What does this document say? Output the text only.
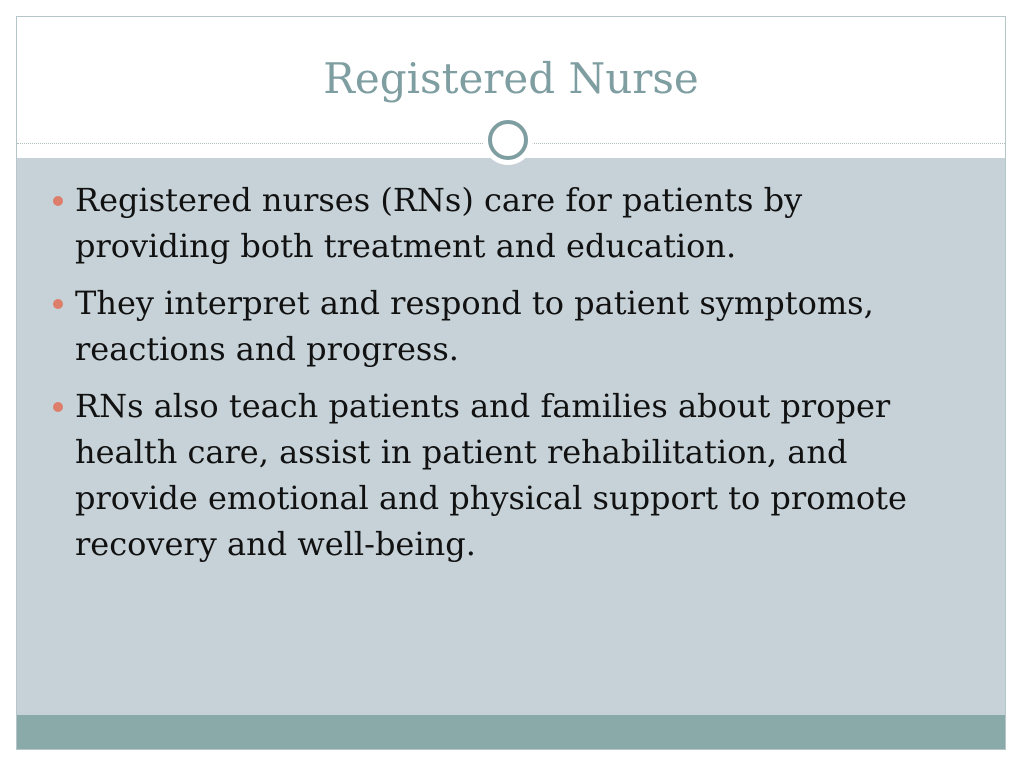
Registered Nurse
Registered nurses (RNs) care for patients by providing both treatment and education.
They interpret and respond to patient symptoms, reactions and progress.
RNs also teach patients and families about proper health care, assist in patient rehabilitation, and provide emotional and physical support to promote recovery and well-being.
